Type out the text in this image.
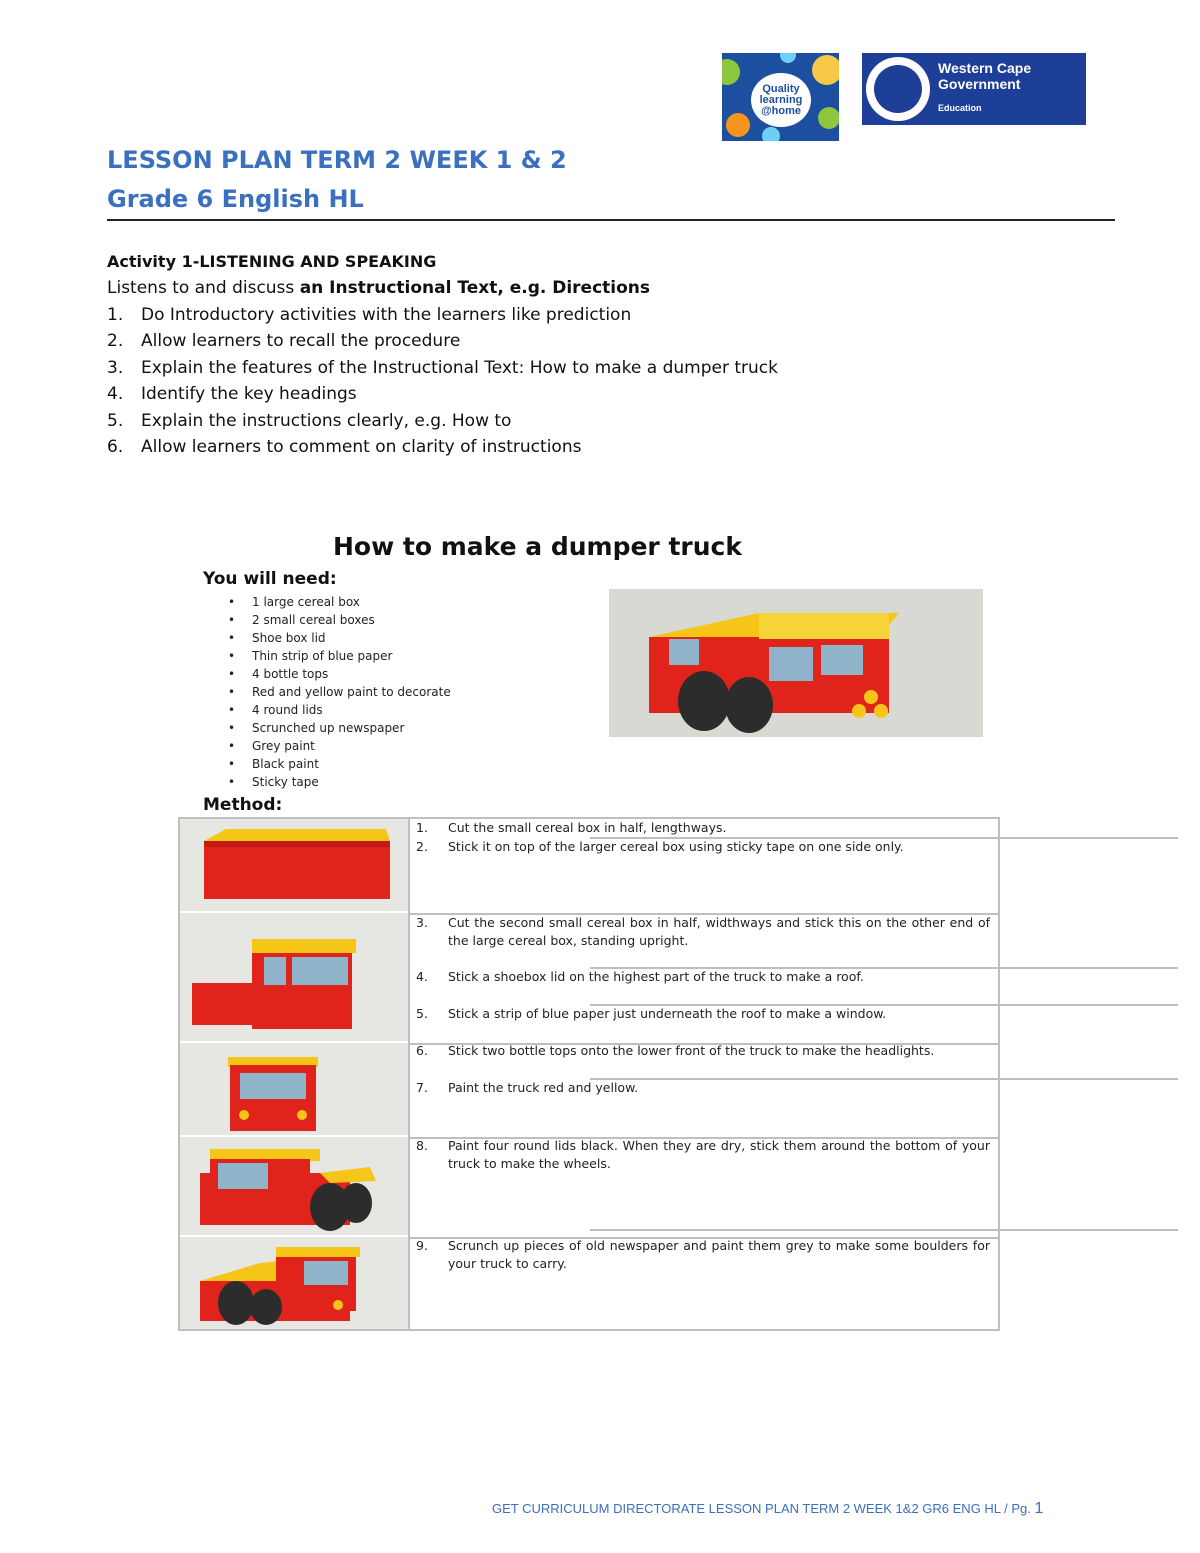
Quality
learning
@home
Western Cape
Government
Education
LESSON PLAN TERM 2 WEEK 1 & 2
Grade 6 English HL
Activity 1-LISTENING AND SPEAKING
Listens to and discuss an Instructional Text, e.g. Directions
1. Do Introductory activities with the learners like prediction
2. Allow learners to recall the procedure
3. Explain the features of the Instructional Text: How to make a dumper truck
4. Identify the key headings
5. Explain the instructions clearly, e.g. How to
6. Allow learners to comment on clarity of instructions
How to make a dumper truck
You will need:
• 1 large cereal box
• 2 small cereal boxes
• Shoe box lid
• Thin strip of blue paper
• 4 bottle tops
• Red and yellow paint to decorate
• 4 round lids
• Scrunched up newspaper
• Grey paint
• Black paint
• Sticky tape
Method:
1. Cut the small cereal box in half, lengthways.
2. Stick it on top of the larger cereal box using sticky tape on one side only.
3. Cut the second small cereal box in half, widthways and stick this on the other end of the large cereal box, standing upright.
4. Stick a shoebox lid on the highest part of the truck to make a roof.
5. Stick a strip of blue paper just underneath the roof to make a window.
6. Stick two bottle tops onto the lower front of the truck to make the headlights.
7. Paint the truck red and yellow.
8. Paint four round lids black. When they are dry, stick them around the bottom of your truck to make the wheels.
9. Scrunch up pieces of old newspaper and paint them grey to make some boulders for your truck to carry.
GET CURRICULUM DIRECTORATE LESSON PLAN TERM 2 WEEK 1&2 GR6 ENG HL / Pg. 1
